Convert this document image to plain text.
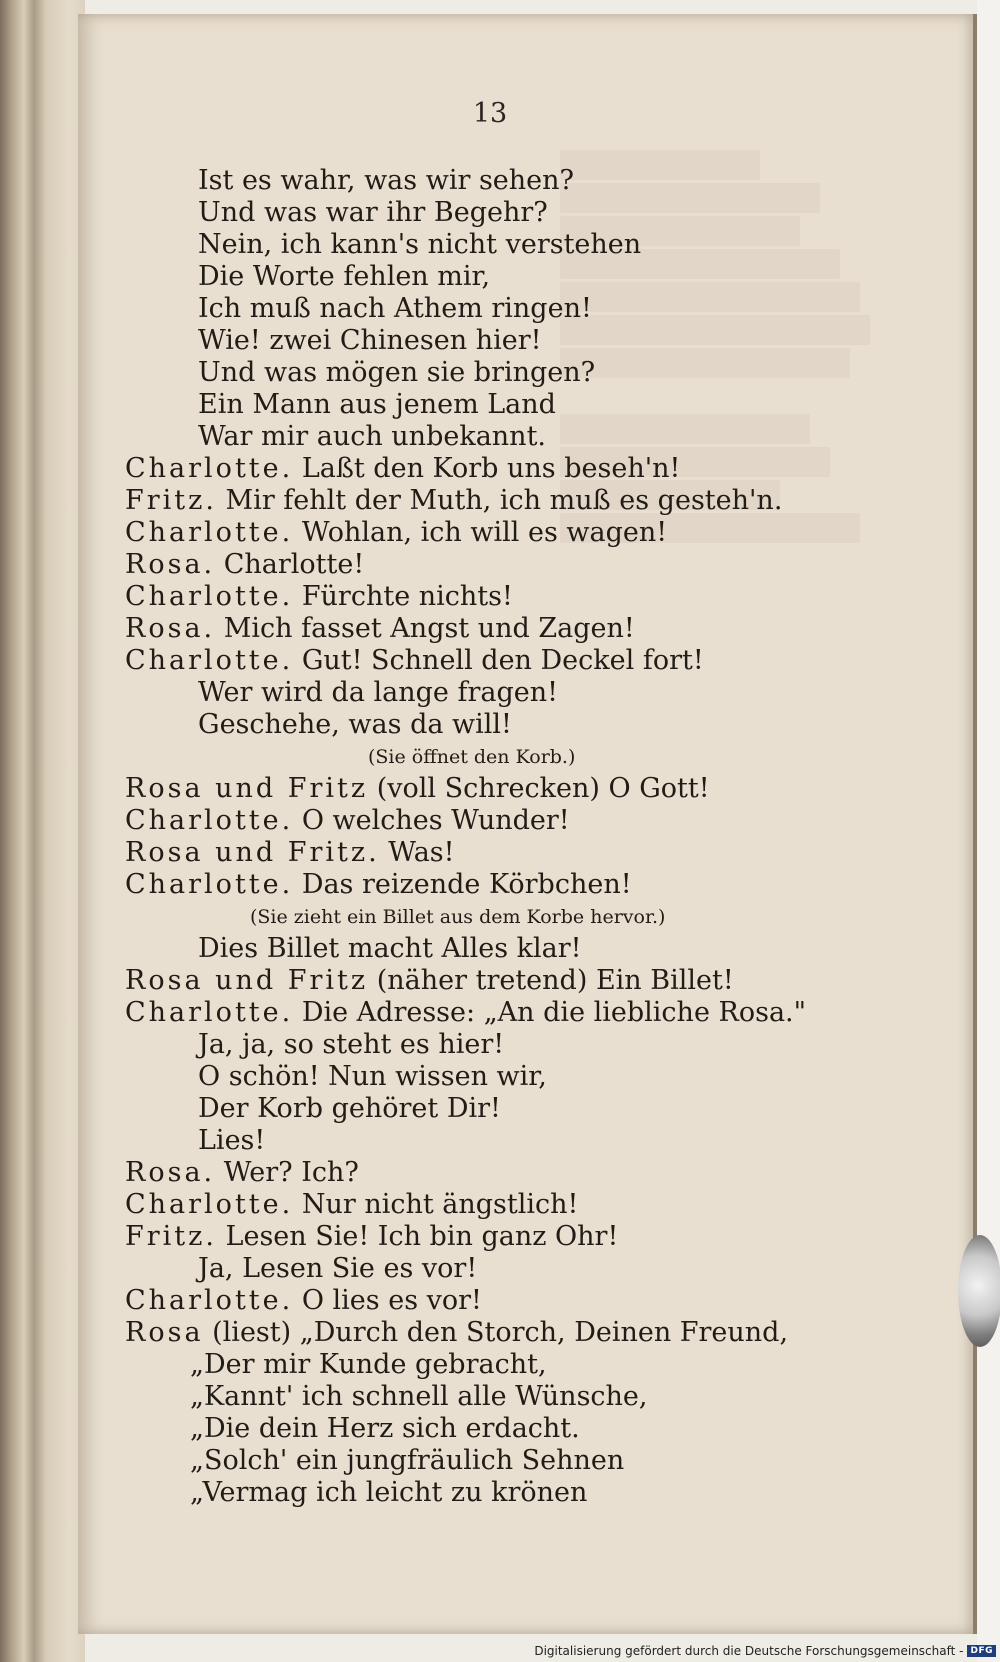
13
Ist es wahr, was wir sehen?
Und was war ihr Begehr?
Nein, ich kann's nicht verstehen
Die Worte fehlen mir,
Ich muß nach Athem ringen!
Wie! zwei Chinesen hier!
Und was mögen sie bringen?
Ein Mann aus jenem Land
War mir auch unbekannt.
Charlotte. Laßt den Korb uns beseh'n!
Fritz. Mir fehlt der Muth, ich muß es gesteh'n.
Charlotte. Wohlan, ich will es wagen!
Rosa. Charlotte!
Charlotte. Fürchte nichts!
Rosa. Mich fasset Angst und Zagen!
Charlotte. Gut! Schnell den Deckel fort!
Wer wird da lange fragen!
Geschehe, was da will!
(Sie öffnet den Korb.)
Rosa und Fritz (voll Schrecken) O Gott!
Charlotte. O welches Wunder!
Rosa und Fritz. Was!
Charlotte. Das reizende Körbchen!
(Sie zieht ein Billet aus dem Korbe hervor.)
Dies Billet macht Alles klar!
Rosa und Fritz (näher tretend) Ein Billet!
Charlotte. Die Adresse: „An die liebliche Rosa."
Ja, ja, so steht es hier!
O schön! Nun wissen wir,
Der Korb gehöret Dir!
Lies!
Rosa. Wer? Ich?
Charlotte. Nur nicht ängstlich!
Fritz. Lesen Sie! Ich bin ganz Ohr!
Ja, Lesen Sie es vor!
Charlotte. O lies es vor!
Rosa (liest) „Durch den Storch, Deinen Freund,
„Der mir Kunde gebracht,
„Kannt' ich schnell alle Wünsche,
„Die dein Herz sich erdacht.
„Solch' ein jungfräulich Sehnen
„Vermag ich leicht zu krönen
Digitalisierung gefördert durch die Deutsche Forschungsgemeinschaft - DFG
